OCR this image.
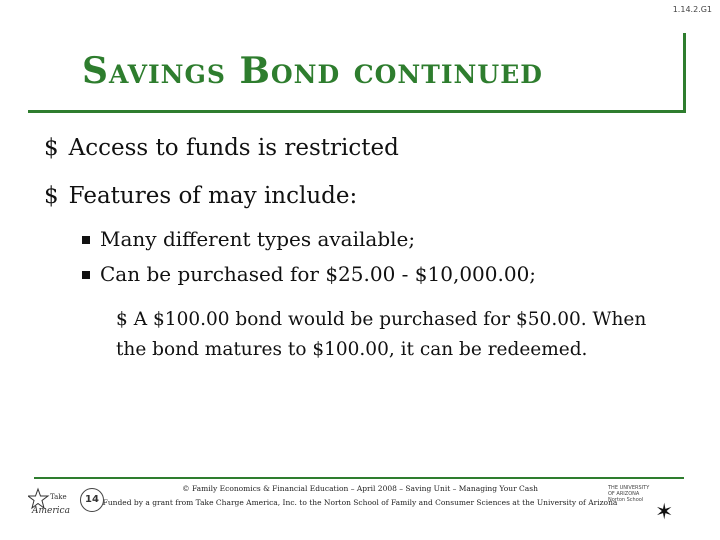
1.14.2.G1
Savings Bond continued
$ Access to funds is restricted
$ Features of may include:
Many different types available;
Can be purchased for $25.00 - $10,000.00;
$ A $100.00 bond would be purchased for $50.00. When the bond matures to $100.00, it can be redeemed.
© Family Economics & Financial Education – April 2008 – Saving Unit – Managing Your Cash
Funded by a grant from Take Charge America, Inc. to the Norton School of Family and Consumer Sciences at the University of Arizona
Take
America
14
THE UNIVERSITY OF ARIZONA Norton School ✶
